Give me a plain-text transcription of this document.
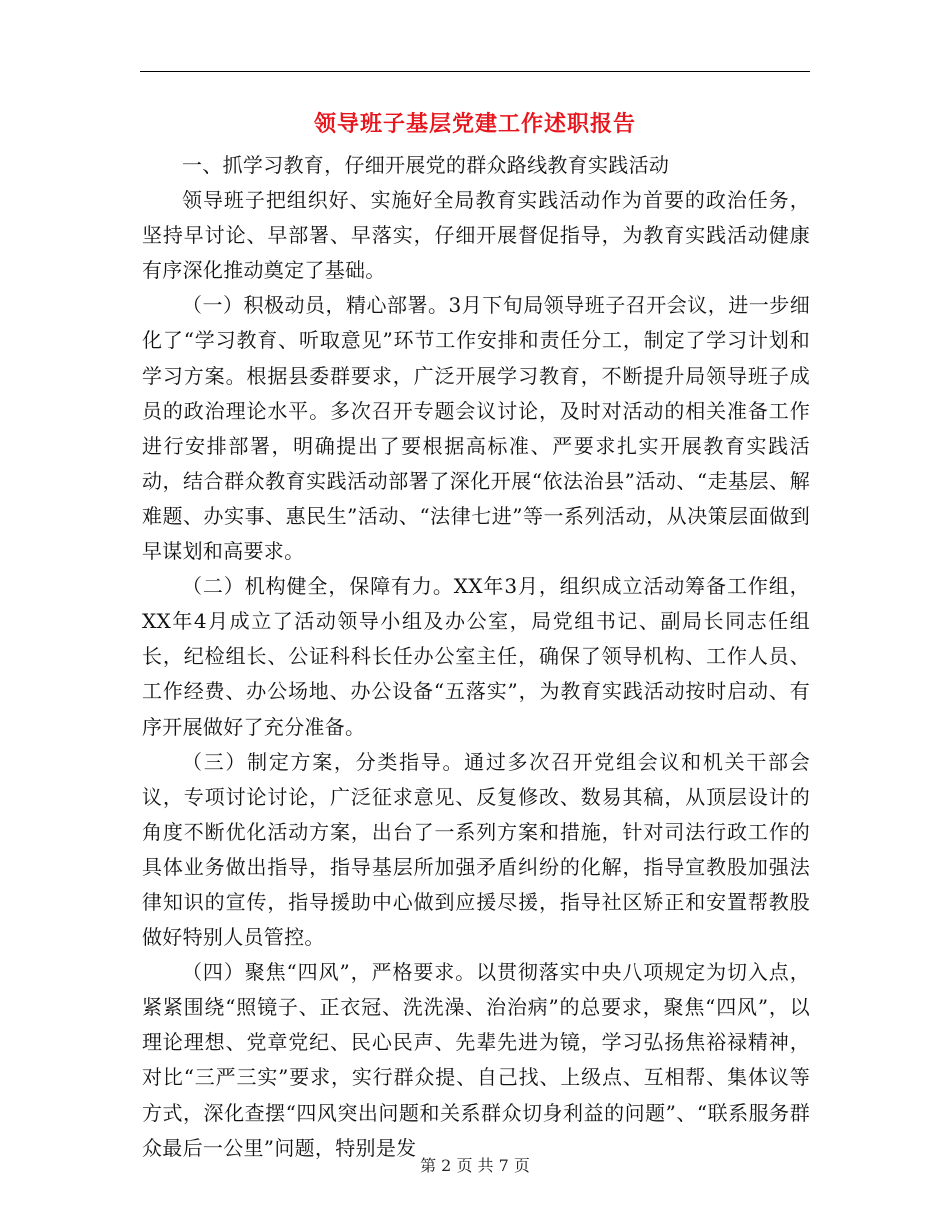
领导班子基层党建工作述职报告

一、抓学习教育，仔细开展党的群众路线教育实践活动

领导班子把组织好、实施好全局教育实践活动作为首要的政治任务，坚持早讨论、早部署、早落实，仔细开展督促指导，为教育实践活动健康有序深化推动奠定了基础。

（一）积极动员，精心部署。3月下旬局领导班子召开会议，进一步细化了“学习教育、听取意见”环节工作安排和责任分工，制定了学习计划和学习方案。根据县委群要求，广泛开展学习教育，不断提升局领导班子成员的政治理论水平。多次召开专题会议讨论，及时对活动的相关准备工作进行安排部署，明确提出了要根据高标准、严要求扎实开展教育实践活动，结合群众教育实践活动部署了深化开展“依法治县”活动、“走基层、解难题、办实事、惠民生”活动、“法律七进”等一系列活动，从决策层面做到早谋划和高要求。

（二）机构健全，保障有力。XX年3月，组织成立活动筹备工作组，XX年4月成立了活动领导小组及办公室，局党组书记、副局长同志任组长，纪检组长、公证科科长任办公室主任，确保了领导机构、工作人员、工作经费、办公场地、办公设备“五落实”，为教育实践活动按时启动、有序开展做好了充分准备。

（三）制定方案，分类指导。通过多次召开党组会议和机关干部会议，专项讨论讨论，广泛征求意见、反复修改、数易其稿，从顶层设计的角度不断优化活动方案，出台了一系列方案和措施，针对司法行政工作的具体业务做出指导，指导基层所加强矛盾纠纷的化解，指导宣教股加强法律知识的宣传，指导援助中心做到应援尽援，指导社区矫正和安置帮教股做好特别人员管控。

（四）聚焦“四风”，严格要求。以贯彻落实中央八项规定为切入点，紧紧围绕“照镜子、正衣冠、洗洗澡、治治病”的总要求，聚焦“四风”，以理论理想、党章党纪、民心民声、先辈先进为镜，学习弘扬焦裕禄精神，对比“三严三实”要求，实行群众提、自己找、上级点、互相帮、集体议等方式，深化查摆“四风突出问题和关系群众切身利益的问题”、“联系服务群众最后一公里”问题，特别是发

第 2 页 共 7 页
